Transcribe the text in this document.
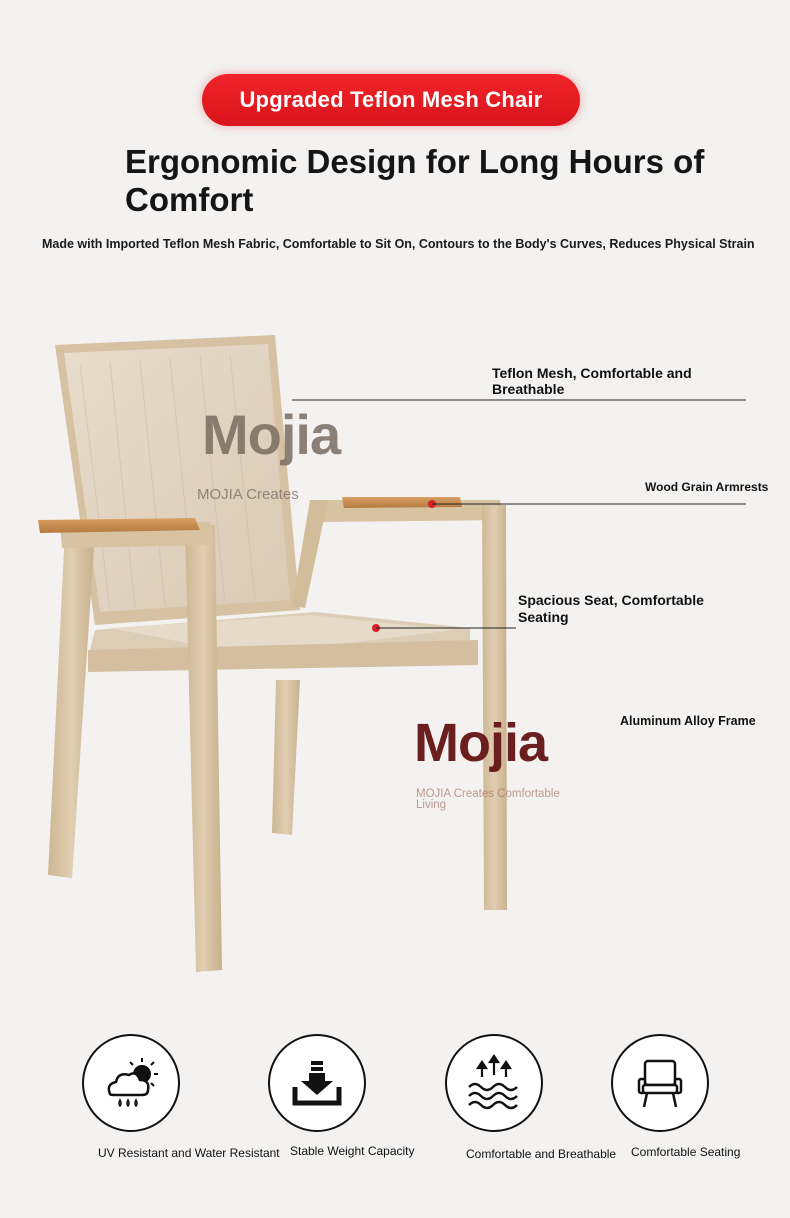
Upgraded Teflon Mesh Chair
Ergonomic Design for Long Hours of Comfort
Made with Imported Teflon Mesh Fabric, Comfortable to Sit On, Contours to the Body's Curves, Reduces Physical Strain
Mojia
MOJIA Creates
Mojia
MOJIA Creates Comfortable Living
Teflon Mesh, Comfortable and Breathable
Wood Grain Armrests
Spacious Seat, Comfortable Seating
Aluminum Alloy Frame
UV Resistant and Water Resistant Stable Weight Capacity	Comfortable and Breathable Comfortable Seating
